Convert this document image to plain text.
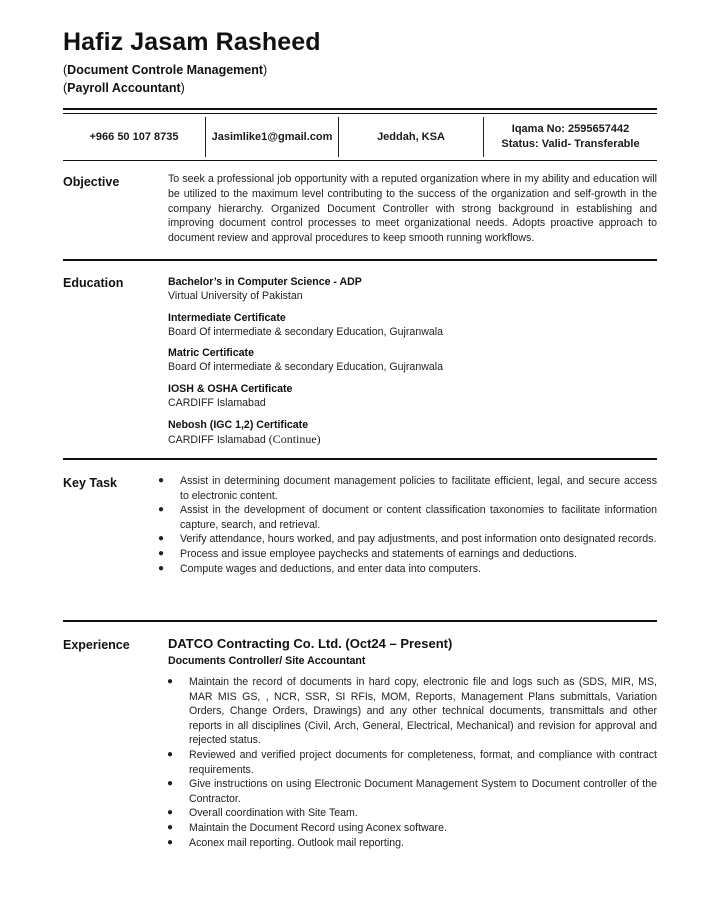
Hafiz Jasam Rasheed
(Document Controle Management)
(Payroll Accountant)
+966 50 107 8735	Jasimlike1@gmail.com	Jeddah, KSA
Iqama No: 2595657442
Status: Valid- Transferable
Objective	To seek a professional job opportunity with a reputed organization where in my ability and education will be utilized to the maximum level contributing to the success of the organization and self-growth in the company hierarchy. Organized Document Controller with strong background in establishing and improving document control processes to meet organizational needs. Adopts proactive approach to document review and approval procedures to keep smooth running workflows.
Education	Bachelor’s in Computer Science - ADP
Virtual University of Pakistan
Intermediate Certificate
Board Of intermediate & secondary Education, Gujranwala
Matric Certificate
Board Of intermediate & secondary Education, Gujranwala
IOSH & OSHA Certificate
CARDIFF Islamabad
Nebosh (IGC 1,2) Certificate
CARDIFF Islamabad (Continue)
Key Task	● Assist in determining document management policies to facilitate efficient, legal, and secure access to electronic content.
● Assist in the development of document or content classification taxonomies to facilitate information capture, search, and retrieval.
● Verify attendance, hours worked, and pay adjustments, and post information onto designated records.
● Process and issue employee paychecks and statements of earnings and deductions.
● Compute wages and deductions, and enter data into computers.
Experience	DATCO Contracting Co. Ltd. (Oct24 – Present)
Documents Controller/ Site Accountant
● Maintain the record of documents in hard copy, electronic file and logs such as (SDS, MIR, MS, MAR MIS GS, , NCR, SSR, SI RFIs, MOM, Reports, Management Plans submittals, Variation Orders, Change Orders, Drawings) and any other technical documents, transmittals and other reports in all disciplines (Civil, Arch, General, Electrical, Mechanical) and revision for approval and rejected status.
● Reviewed and verified project documents for completeness, format, and compliance with contract requirements.
● Give instructions on using Electronic Document Management System to Document controller of the Contractor.
● Overall coordination with Site Team.
● Maintain the Document Record using Aconex software.
● Aconex mail reporting. Outlook mail reporting.
